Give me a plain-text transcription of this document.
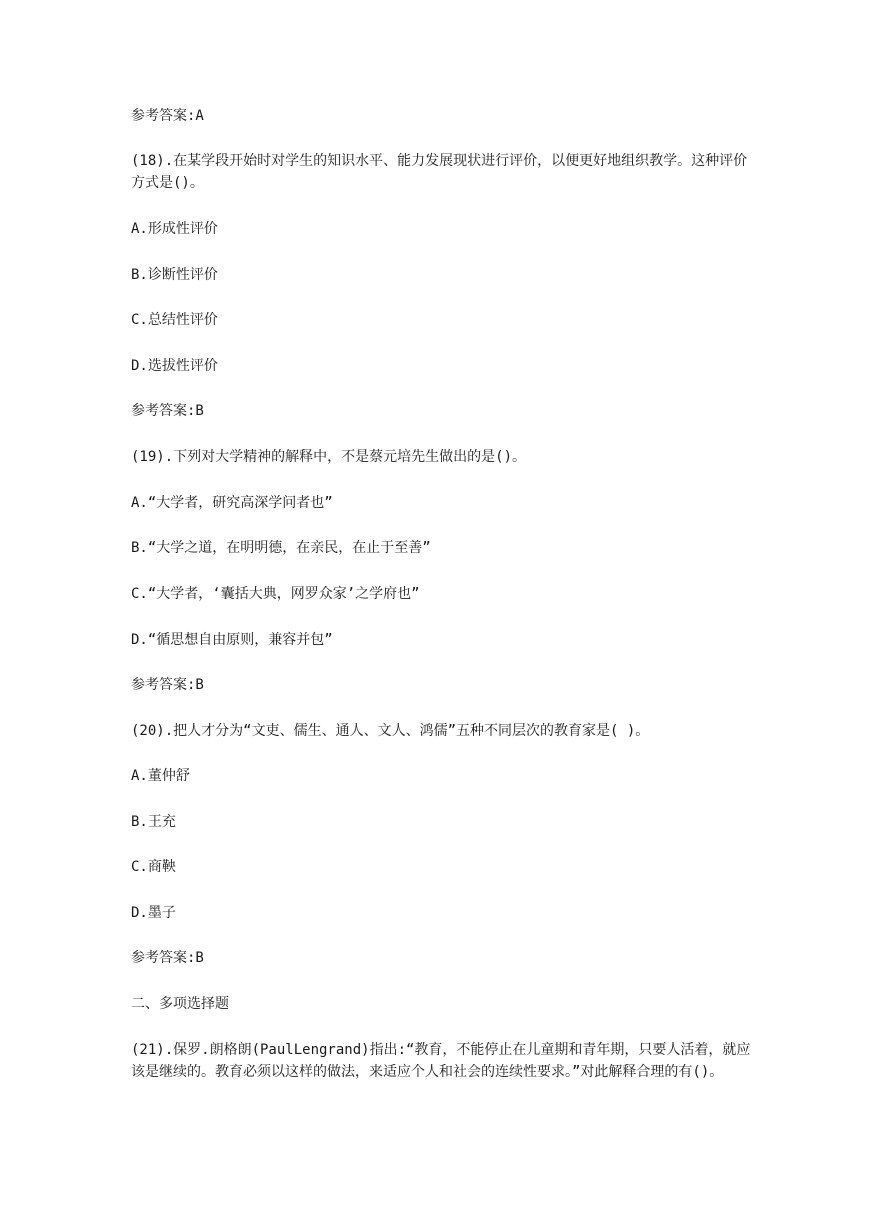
参考答案:A
(18).在某学段开始时对学生的知识水平、能力发展现状进行评价，以便更好地组织教学。这种评价方式是()。
A.形成性评价
B.诊断性评价
C.总结性评价
D.选拔性评价
参考答案:B
(19).下列对大学精神的解释中，不是蔡元培先生做出的是()。
A.“大学者，研究高深学问者也”
B.“大学之道，在明明德，在亲民，在止于至善”
C.“大学者，‘囊括大典，网罗众家’之学府也”
D.“循思想自由原则，兼容并包”
参考答案:B
(20).把人才分为“文吏、儒生、通人、文人、鸿儒”五种不同层次的教育家是( )。
A.董仲舒
B.王充
C.商鞅
D.墨子
参考答案:B
二、多项选择题
(21).保罗.朗格朗(PaulLengrand)指出:“教育，不能停止在儿童期和青年期，只要人活着，就应该是继续的。教育必须以这样的做法，来适应个人和社会的连续性要求。”对此解释合理的有()。
